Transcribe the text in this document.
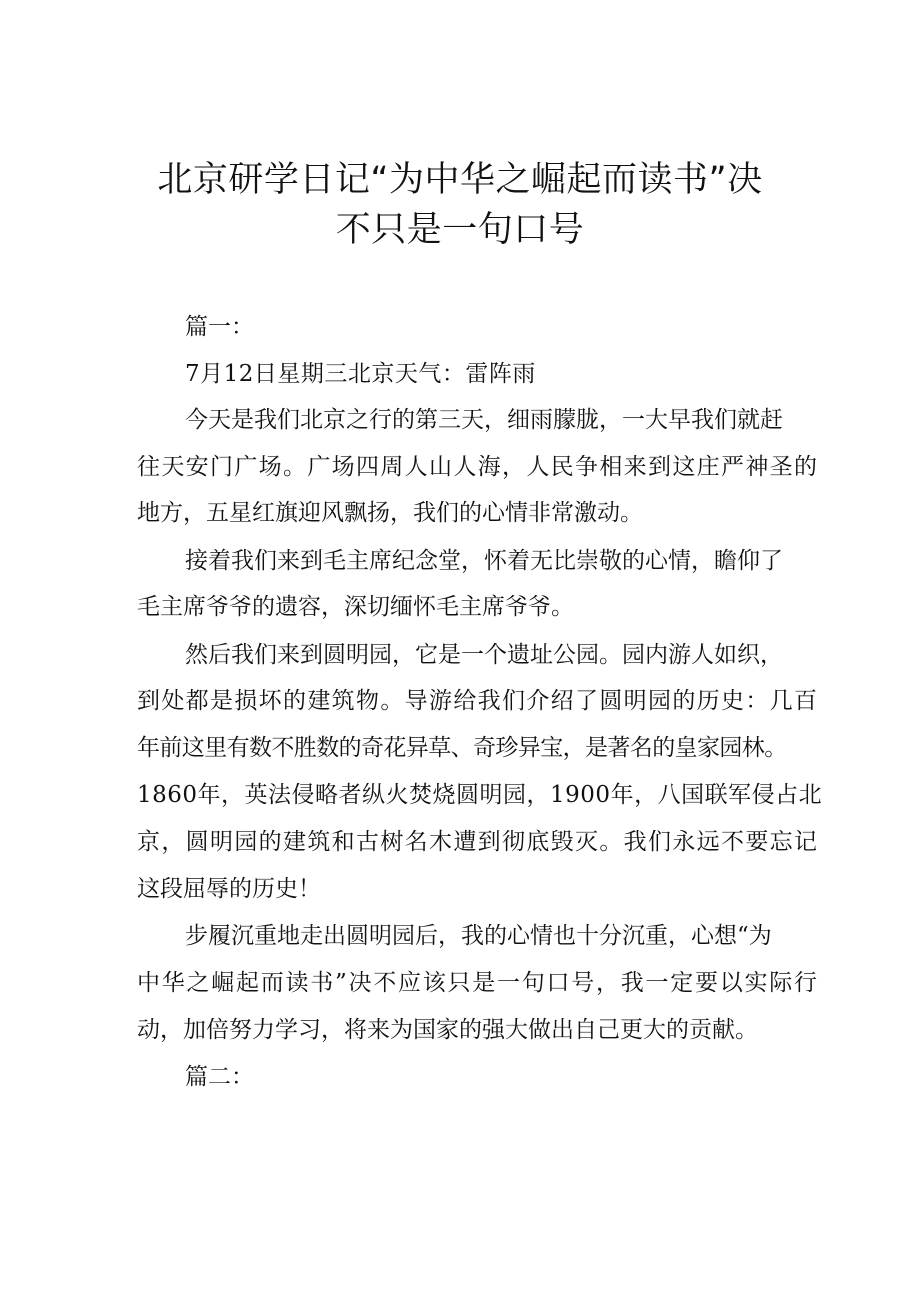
北京研学日记“为中华之崛起而读书”决
不只是一句口号
篇一：
7月12日星期三北京天气：雷阵雨
今天是我们北京之行的第三天，细雨朦胧，一大早我们就赶
往天安门广场。广场四周人山人海，人民争相来到这庄严神圣的
地方，五星红旗迎风飘扬，我们的心情非常激动。
接着我们来到毛主席纪念堂，怀着无比崇敬的心情，瞻仰了
毛主席爷爷的遗容，深切缅怀毛主席爷爷。
然后我们来到圆明园，它是一个遗址公园。园内游人如织，
到处都是损坏的建筑物。导游给我们介绍了圆明园的历史：几百
年前这里有数不胜数的奇花异草、奇珍异宝，是著名的皇家园林。
1860年，英法侵略者纵火焚烧圆明园，1900年，八国联军侵占北
京，圆明园的建筑和古树名木遭到彻底毁灭。我们永远不要忘记
这段屈辱的历史！
步履沉重地走出圆明园后，我的心情也十分沉重，心想“为
中华之崛起而读书”决不应该只是一句口号，我一定要以实际行
动，加倍努力学习，将来为国家的强大做出自己更大的贡献。
篇二：
